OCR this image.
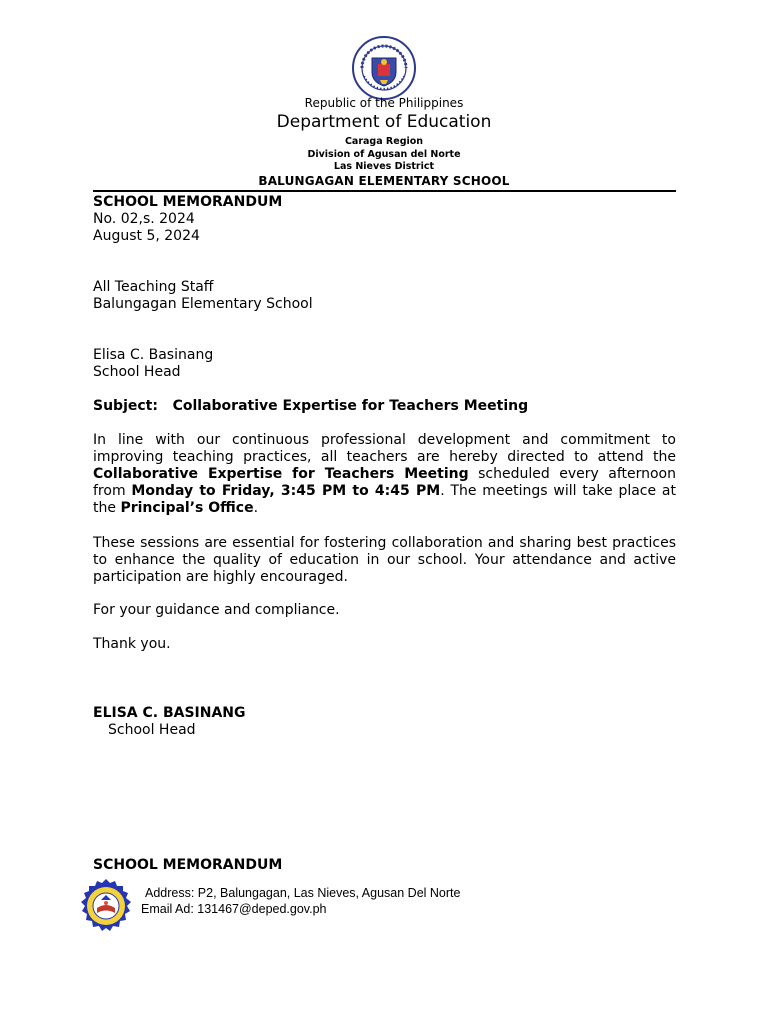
Republic of the Philippines
Department of Education
Caraga Region
Division of Agusan del Norte
Las Nieves District
BALUNGAGAN ELEMENTARY SCHOOL
SCHOOL MEMORANDUM
No. 02,s. 2024
August 5, 2024
All Teaching Staff
Balungagan Elementary School
Elisa C. Basinang
School Head
Subject: Collaborative Expertise for Teachers Meeting
In line with our continuous professional development and commitment to improving teaching practices, all teachers are hereby directed to attend the Collaborative Expertise for Teachers Meeting scheduled every afternoon from Monday to Friday, 3:45 PM to 4:45 PM. The meetings will take place at the Principal’s Office.
These sessions are essential for fostering collaboration and sharing best practices to enhance the quality of education in our school. Your attendance and active participation are highly encouraged.
For your guidance and compliance.
Thank you.
ELISA C. BASINANG
School Head
SCHOOL MEMORANDUM
Address: P2, Balungagan, Las Nieves, Agusan Del Norte
Email Ad: 131467@deped.gov.ph
